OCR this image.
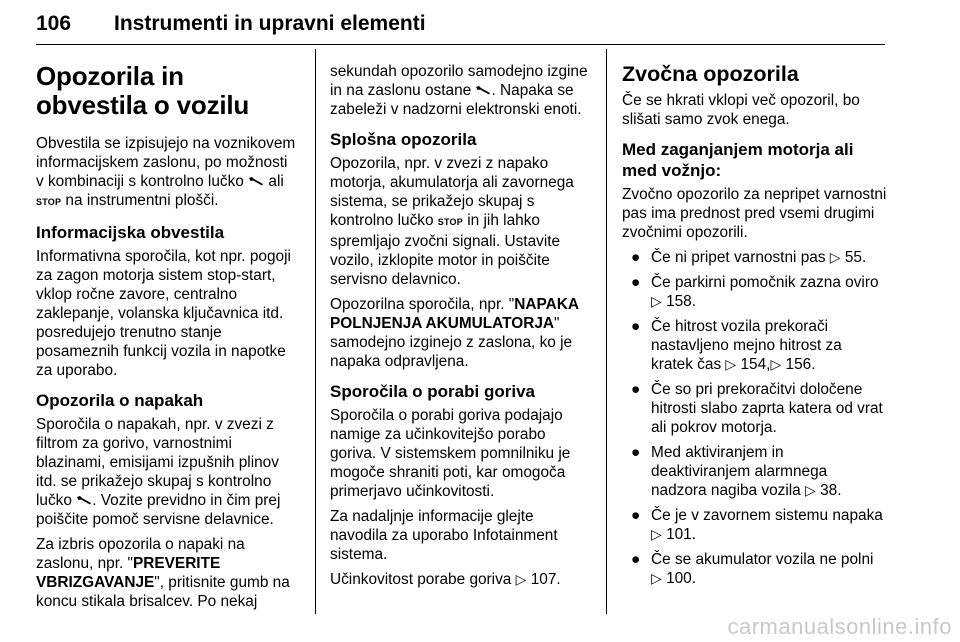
106 Instrumenti in upravni elementi
Opozorila in obvestila o vozilu

Obvestila se izpisujejo na voznikovem informacijskem zaslonu, po možnosti v kombinaciji s kontrolno lučko  ali STOP na instrumentni plošči.

Informacijska obvestila

Informativna sporočila, kot npr. pogoji za zagon motorja sistem stop-start, vklop ročne zavore, centralno zaklepanje, volanska ključavnica itd. posredujejo trenutno stanje posameznih funkcij vozila in napotke za uporabo.

Opozorila o napakah

Sporočila o napakah, npr. v zvezi z filtrom za gorivo, varnostnimi blazinami, emisijami izpušnih plinov itd. se prikažejo skupaj s kontrolno lučko . Vozite previdno in čim prej poiščite pomoč servisne delavnice.

Za izbris opozorila o napaki na zaslonu, npr. "PREVERITE VBRIZGAVANJE", pritisnite gumb na koncu stikala brisalcev. Po nekaj

sekundah opozorilo samodejno izgine in na zaslonu ostane . Napaka se zabeleži v nadzorni elektronski enoti.

Splošna opozorila

Opozorila, npr. v zvezi z napako motorja, akumulatorja ali zavornega sistema, se prikažejo skupaj s kontrolno lučko STOP in jih lahko spremljajo zvočni signali. Ustavite vozilo, izklopite motor in poiščite servisno delavnico.

Opozorilna sporočila, npr. "NAPAKA POLNJENJA AKUMULATORJA" samodejno izginejo z zaslona, ko je napaka odpravljena.

Sporočila o porabi goriva

Sporočila o porabi goriva podajajo namige za učinkovitejšo porabo goriva. V sistemskem pomnilniku je mogoče shraniti poti, kar omogoča primerjavo učinkovitosti.

Za nadaljnje informacije glejte navodila za uporabo Infotainment sistema.

Učinkovitost porabe goriva ▷ 107.

Zvočna opozorila

Če se hkrati vklopi več opozoril, bo slišati samo zvok enega.

Med zaganjanjem motorja ali med vožnjo:

Zvočno opozorilo za nepripet varnostni pas ima prednost pred vsemi drugimi zvočnimi opozorili.

● Če ni pripet varnostni pas ▷ 55.
● Če parkirni pomočnik zazna oviro ▷ 158.
● Če hitrost vozila prekorači nastavljeno mejno hitrost za kratek čas ▷ 154,▷ 156.
● Če so pri prekoračitvi določene hitrosti slabo zaprta katera od vrat ali pokrov motorja.
● Med aktiviranjem in deaktiviranjem alarmnega nadzora nagiba vozila ▷ 38.
● Če je v zavornem sistemu napaka ▷ 101.
● Če se akumulator vozila ne polni ▷ 100.
carmanualsonline.info
